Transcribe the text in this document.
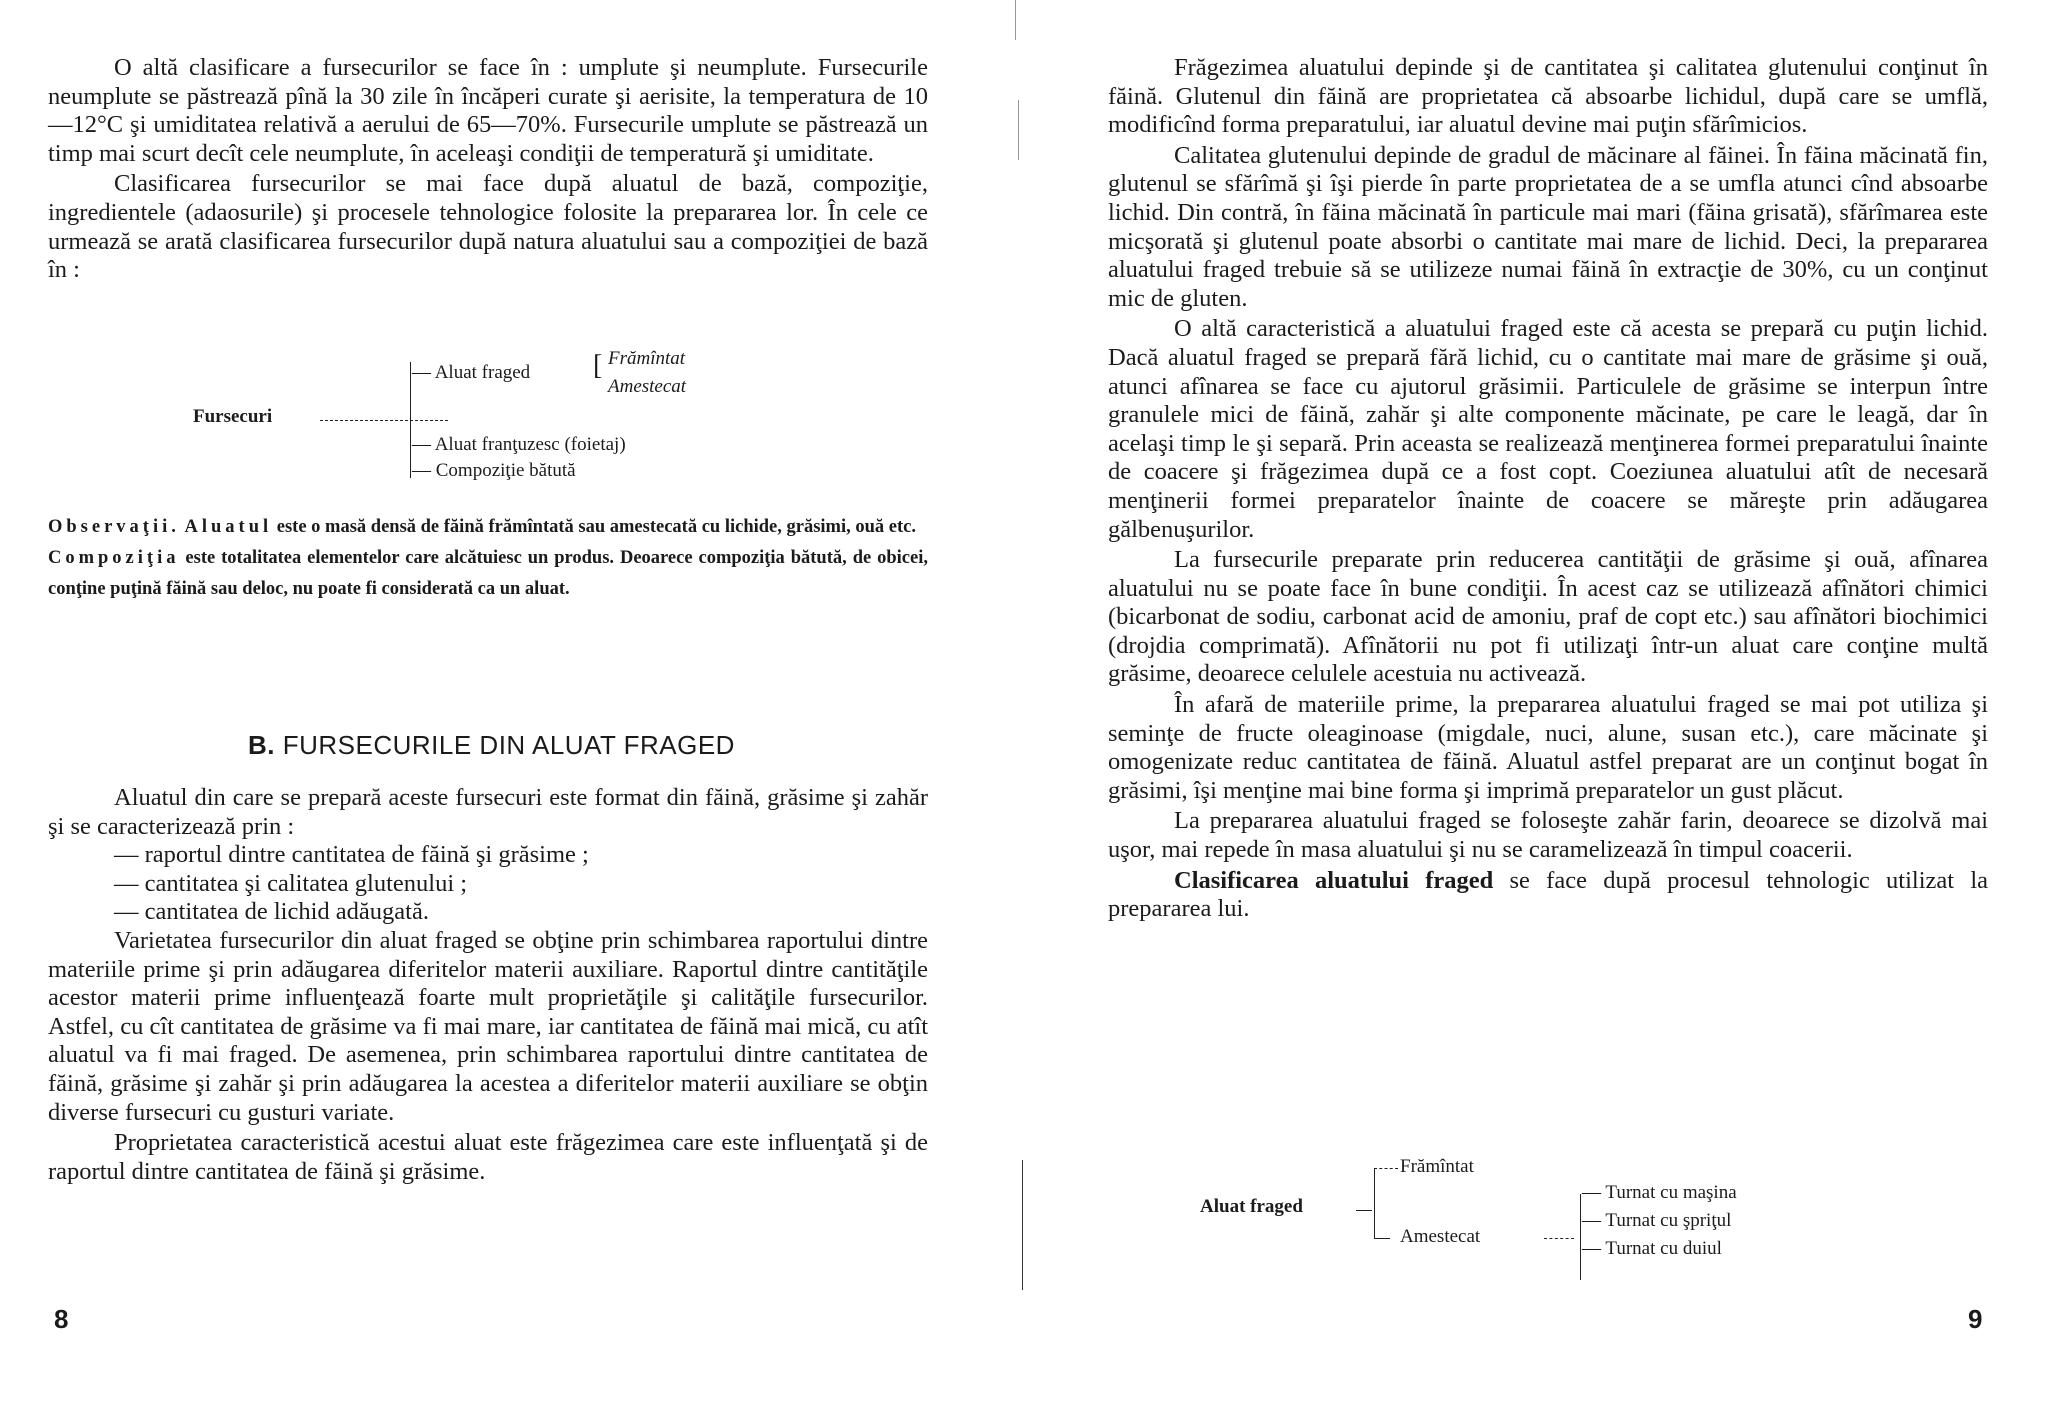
O altă clasificare a fursecurilor se face în : umplute şi neumplute. Fursecurile neumplute se păstrează pînă la 30 zile în încăperi curate şi aerisite, la temperatura de 10—12°C şi umiditatea relativă a aerului de 65—70%. Fursecurile umplute se păstrează un timp mai scurt decît cele neumplute, în aceleaşi condiţii de temperatură şi umiditate.

Clasificarea fursecurilor se mai face după aluatul de bază, compoziţie, ingredientele (adaosurile) şi procesele tehnologice folosite la prepararea lor. În cele ce urmează se arată clasificarea fursecurilor după natura aluatului sau a compoziţiei de bază în :

Fursecuri
— Aluat fraged [ Frămîntat
Amestecat
— Aluat franţuzesc (foietaj)
— Compoziţie bătută

Observaţii. Aluatul este o masă densă de făină frămîntată sau amestecată cu lichide, grăsimi, ouă etc.

Compoziţia este totalitatea elementelor care alcătuiesc un produs. Deoarece compoziţia bătută, de obicei, conţine puţină făină sau deloc, nu poate fi considerată ca un aluat.

B. FURSECURILE DIN ALUAT FRAGED

Aluatul din care se prepară aceste fursecuri este format din făină, grăsime şi zahăr şi se caracterizează prin :

— raportul dintre cantitatea de făină şi grăsime ;

— cantitatea şi calitatea glutenului ;

— cantitatea de lichid adăugată.

Varietatea fursecurilor din aluat fraged se obţine prin schimbarea raportului dintre materiile prime şi prin adăugarea diferitelor materii auxiliare. Raportul dintre cantităţile acestor materii prime influenţează foarte mult proprietăţile şi calităţile fursecurilor. Astfel, cu cît cantitatea de grăsime va fi mai mare, iar cantitatea de făină mai mică, cu atît aluatul va fi mai fraged. De asemenea, prin schimbarea raportului dintre cantitatea de făină, grăsime şi zahăr şi prin adăugarea la acestea a diferitelor materii auxiliare se obţin diverse fursecuri cu gusturi variate.

Proprietatea caracteristică acestui aluat este frăgezimea care este influenţată şi de raportul dintre cantitatea de făină şi grăsime.

8

Frăgezimea aluatului depinde şi de cantitatea şi calitatea glutenului conţinut în făină. Glutenul din făină are proprietatea că absoarbe lichidul, după care se umflă, modificînd forma preparatului, iar aluatul devine mai puţin sfărîmicios.

Calitatea glutenului depinde de gradul de măcinare al făinei. În făina măcinată fin, glutenul se sfărîmă şi îşi pierde în parte proprietatea de a se umfla atunci cînd absoarbe lichid. Din contră, în făina măcinată în particule mai mari (făina grisată), sfărîmarea este micşorată şi glutenul poate absorbi o cantitate mai mare de lichid. Deci, la prepararea aluatului fraged trebuie să se utilizeze numai făină în extracţie de 30%, cu un conţinut mic de gluten.

O altă caracteristică a aluatului fraged este că acesta se prepară cu puţin lichid. Dacă aluatul fraged se prepară fără lichid, cu o cantitate mai mare de grăsime şi ouă, atunci afînarea se face cu ajutorul grăsimii. Particulele de grăsime se interpun între granulele mici de făină, zahăr şi alte componente măcinate, pe care le leagă, dar în acelaşi timp le şi separă. Prin aceasta se realizează menţinerea formei preparatului înainte de coacere şi frăgezimea după ce a fost copt. Coeziunea aluatului atît de necesară menţinerii formei preparatelor înainte de coacere se măreşte prin adăugarea gălbenuşurilor.

La fursecurile preparate prin reducerea cantităţii de grăsime şi ouă, afînarea aluatului nu se poate face în bune condiţii. În acest caz se utilizează afînători chimici (bicarbonat de sodiu, carbonat acid de amoniu, praf de copt etc.) sau afînători biochimici (drojdia comprimată). Afînătorii nu pot fi utilizaţi într-un aluat care conţine multă grăsime, deoarece celulele acestuia nu activează.

În afară de materiile prime, la prepararea aluatului fraged se mai pot utiliza şi seminţe de fructe oleaginoase (migdale, nuci, alune, susan etc.), care măcinate şi omogenizate reduc cantitatea de făină. Aluatul astfel preparat are un conţinut bogat în grăsimi, îşi menţine mai bine forma şi imprimă preparatelor un gust plăcut.

La prepararea aluatului fraged se foloseşte zahăr farin, deoarece se dizolvă mai uşor, mai repede în masa aluatului şi nu se caramelizează în timpul coacerii.

Clasificarea aluatului fraged se face după procesul tehnologic utilizat la prepararea lui.

Aluat fraged
Frămîntat
Amestecat
— Turnat cu maşina
— Turnat cu şpriţul
— Turnat cu duiul
9
